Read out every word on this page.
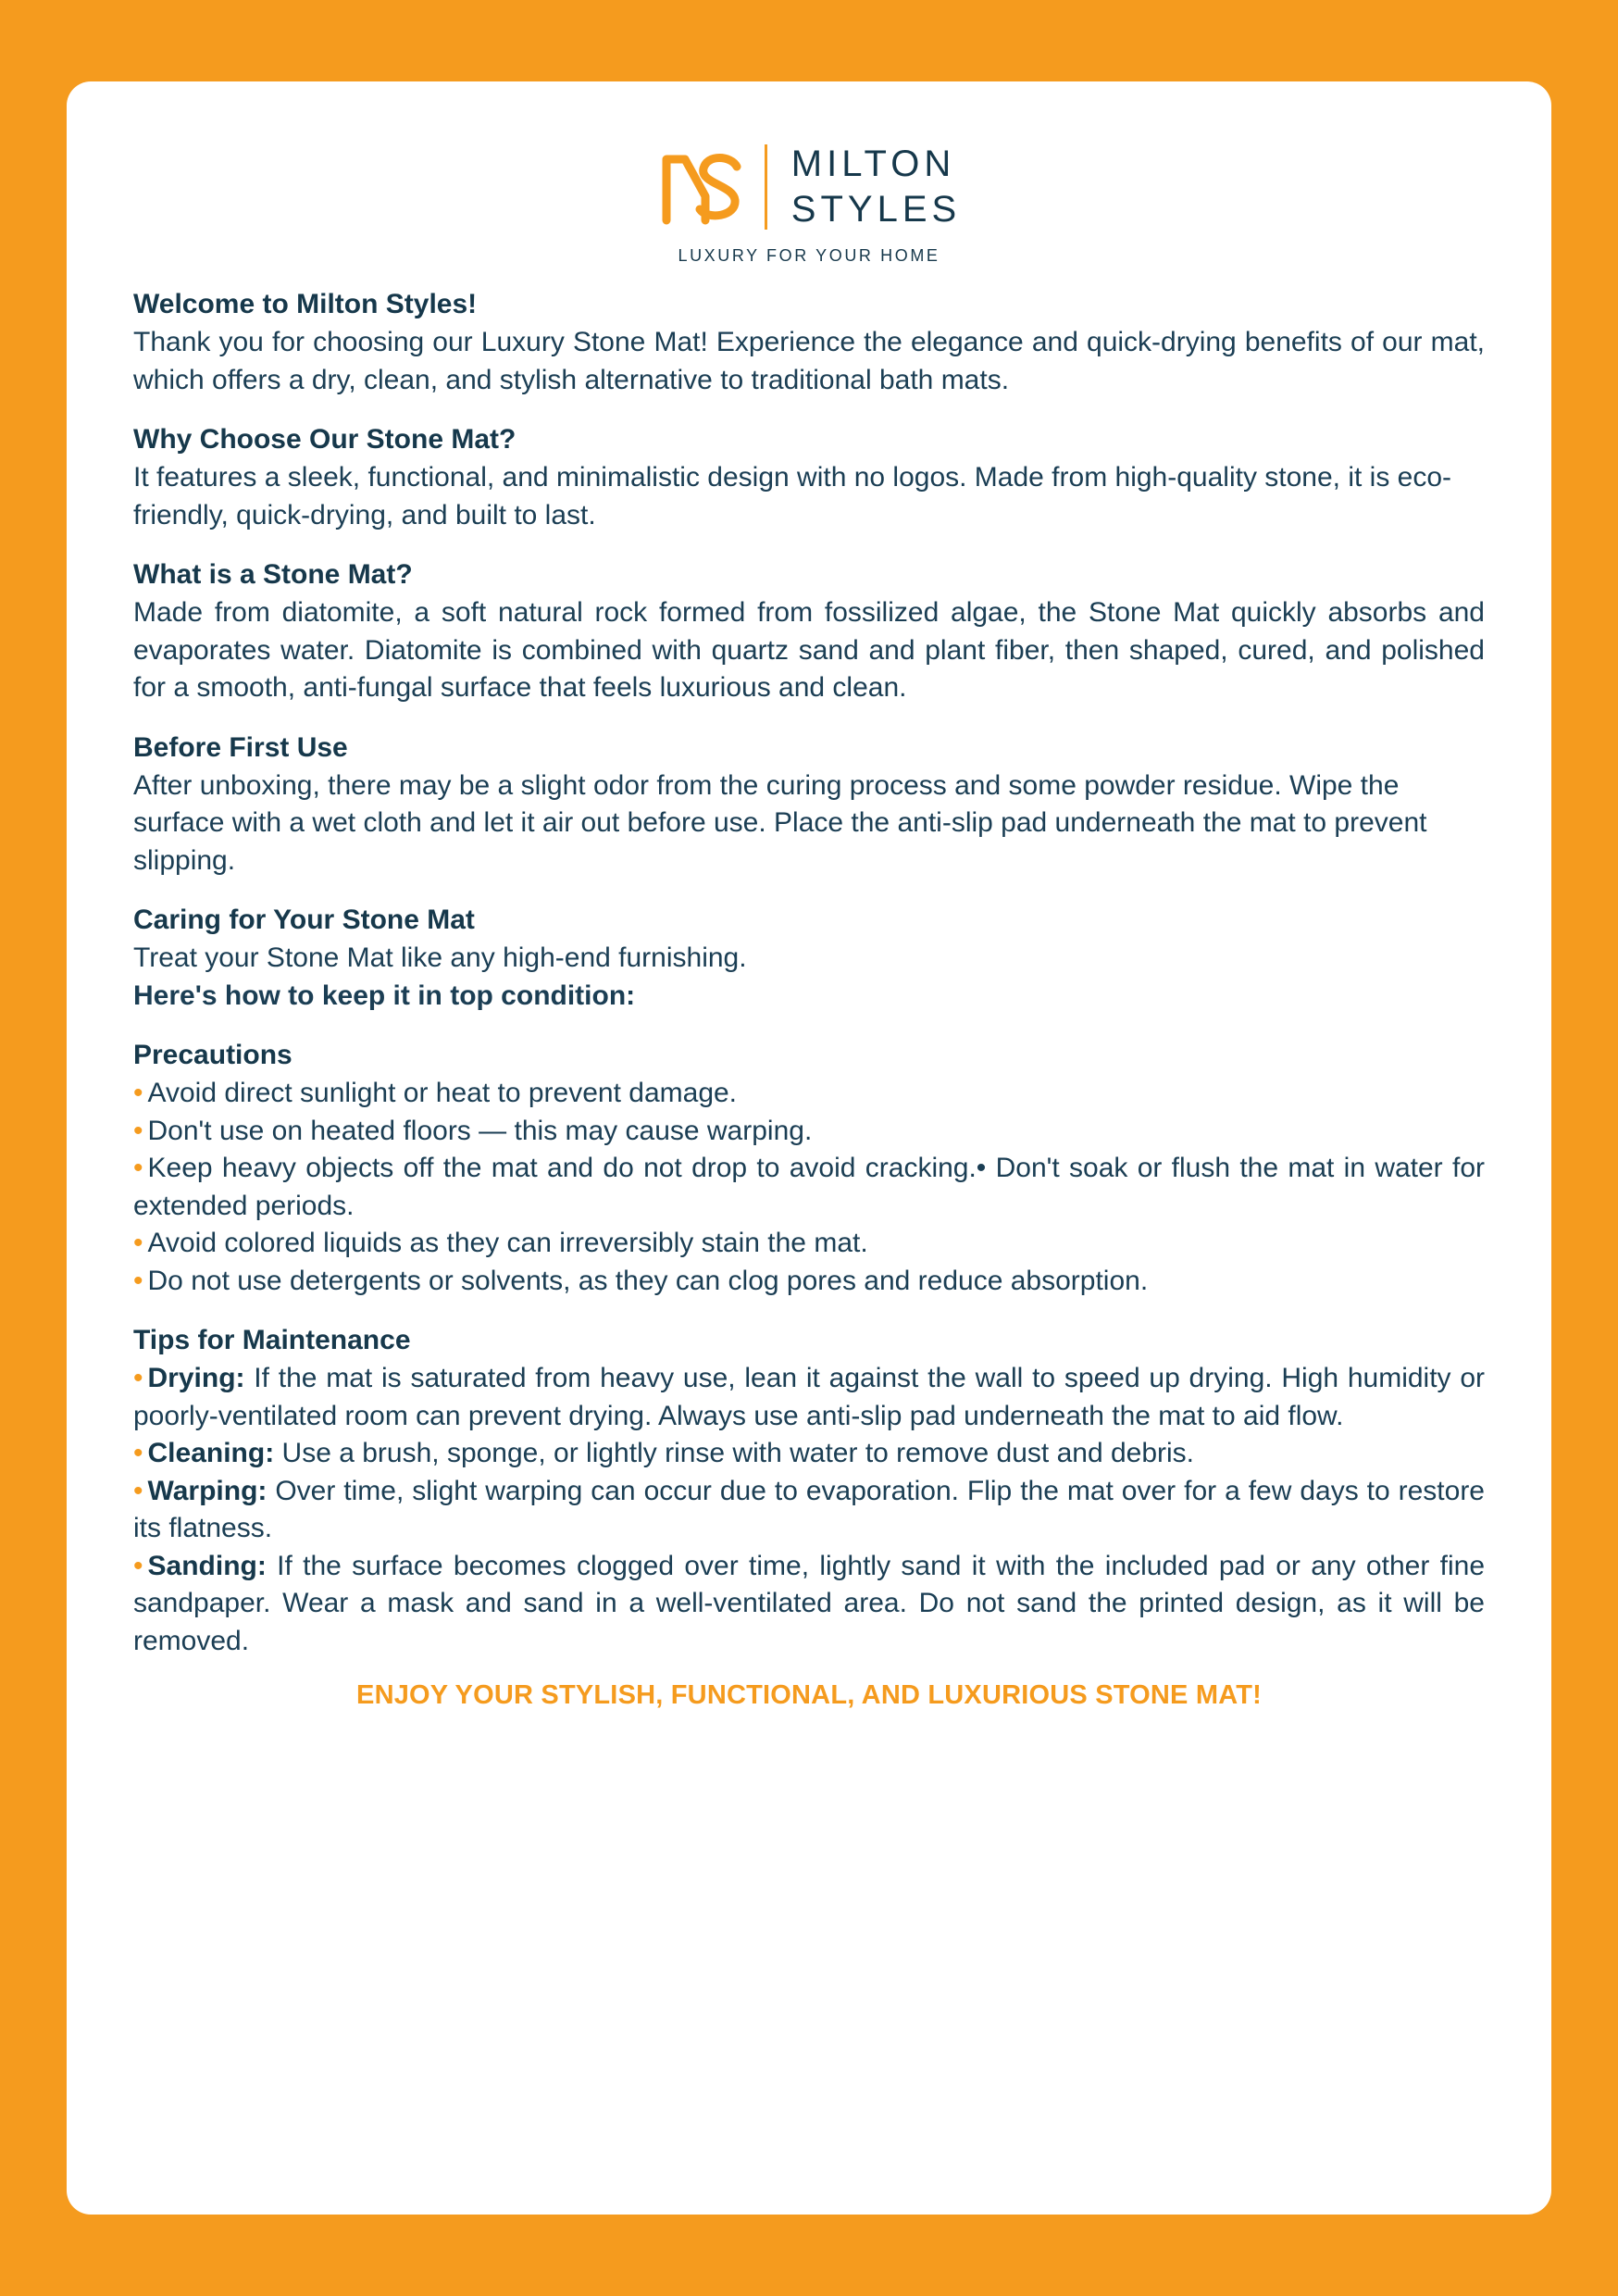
MILTON
STYLES
LUXURY FOR YOUR HOME
Welcome to Milton Styles!

Thank you for choosing our Luxury Stone Mat! Experience the elegance and quick-drying benefits of our mat, which offers a dry, clean, and stylish alternative to traditional bath mats.

Why Choose Our Stone Mat?

It features a sleek, functional, and minimalistic design with no logos. Made from high-quality stone, it is eco-friendly, quick-drying, and built to last.

What is a Stone Mat?

Made from diatomite, a soft natural rock formed from fossilized algae, the Stone Mat quickly absorbs and evaporates water. Diatomite is combined with quartz sand and plant fiber, then shaped, cured, and polished for a smooth, anti-fungal surface that feels luxurious and clean.

Before First Use

After unboxing, there may be a slight odor from the curing process and some powder residue. Wipe the surface with a wet cloth and let it air out before use. Place the anti-slip pad underneath the mat to prevent slipping.

Caring for Your Stone Mat

Treat your Stone Mat like any high-end furnishing.

Here's how to keep it in top condition:

Precautions
• Avoid direct sunlight or heat to prevent damage.
• Don't use on heated floors — this may cause warping.
• Keep heavy objects off the mat and do not drop to avoid cracking.• Don't soak or flush the mat in water for extended periods.
• Avoid colored liquids as they can irreversibly stain the mat.
• Do not use detergents or solvents, as they can clog pores and reduce absorption.
Tips for Maintenance
• Drying: If the mat is saturated from heavy use, lean it against the wall to speed up drying. High humidity or poorly-ventilated room can prevent drying. Always use anti-slip pad underneath the mat to aid flow.
• Cleaning: Use a brush, sponge, or lightly rinse with water to remove dust and debris.
• Warping: Over time, slight warping can occur due to evaporation. Flip the mat over for a few days to restore its flatness.
• Sanding: If the surface becomes clogged over time, lightly sand it with the included pad or any other fine sandpaper. Wear a mask and sand in a well-ventilated area. Do not sand the printed design, as it will be removed.
ENJOY YOUR STYLISH, FUNCTIONAL, AND LUXURIOUS STONE MAT!
